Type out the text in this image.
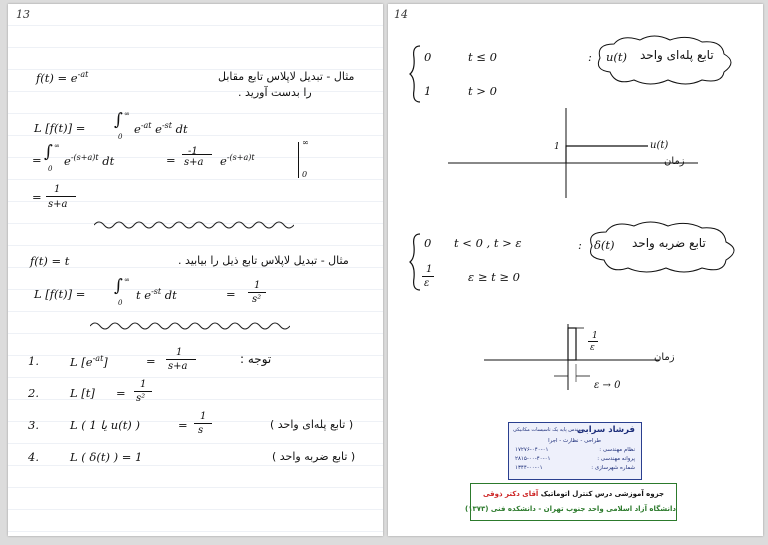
13
$f(t) = e^{-at}$	مثال - تبدیل لاپلاس تابع مقابل
را بدست آورید .
L [f(t)] = ∫ ∞
0
$e^{-at}$ $e^{-st}$ dt
= ∫ ∞
0
$e^{-(s+a)t}$ dt	=
-1
s+a $e^{-(s+a)t}$
∞
0
=
1
s+a
f(t) = t	مثال - تبدیل لاپلاس تابع ذیل را بیابید .
L [f(t)] = ∫ ∞
0
t $e^{-st}$ dt	=
1
s²
توجه :
1.	L $[e^{-at}]$	=
1
s+a
2.	L [t] =
1
s²
3.	L ( 1 یا u(t) )	=
1
s	( تابع پله‌ای واحد )
4.	L ( δ(t) ) = 1	( تابع ضربه واحد )
14
0	t ≤ 0
1	t > 0
: u(t) تابع پله‌ای واحد
1	u(t)
زمان
0 t < 0 , t > ε
1
ε	ε ≥ t ≥ 0
: δ(t) تابع ضربه واحد
1
ε
زمان
ε → 0
فرشاد سرابی
مهندس پایه یک تاسیسات مکانیکی
طراحی - نظارت - اجرا
نظام مهندسی :
۱۷۲۷۶-۰۴۰-۰۱
پروانه مهندسی :
۲۸۱۵-۰۰-۴۰-۰۱
شماره شهرسازی :
۱۳۴۴-۰۰-۰۱
جزوه آموزشی درس کنترل اتوماتیک آقای دکتر ذوقی
دانشگاه آزاد اسلامی واحد جنوب تهران - دانشکده فنی (۱۳۷۳)
